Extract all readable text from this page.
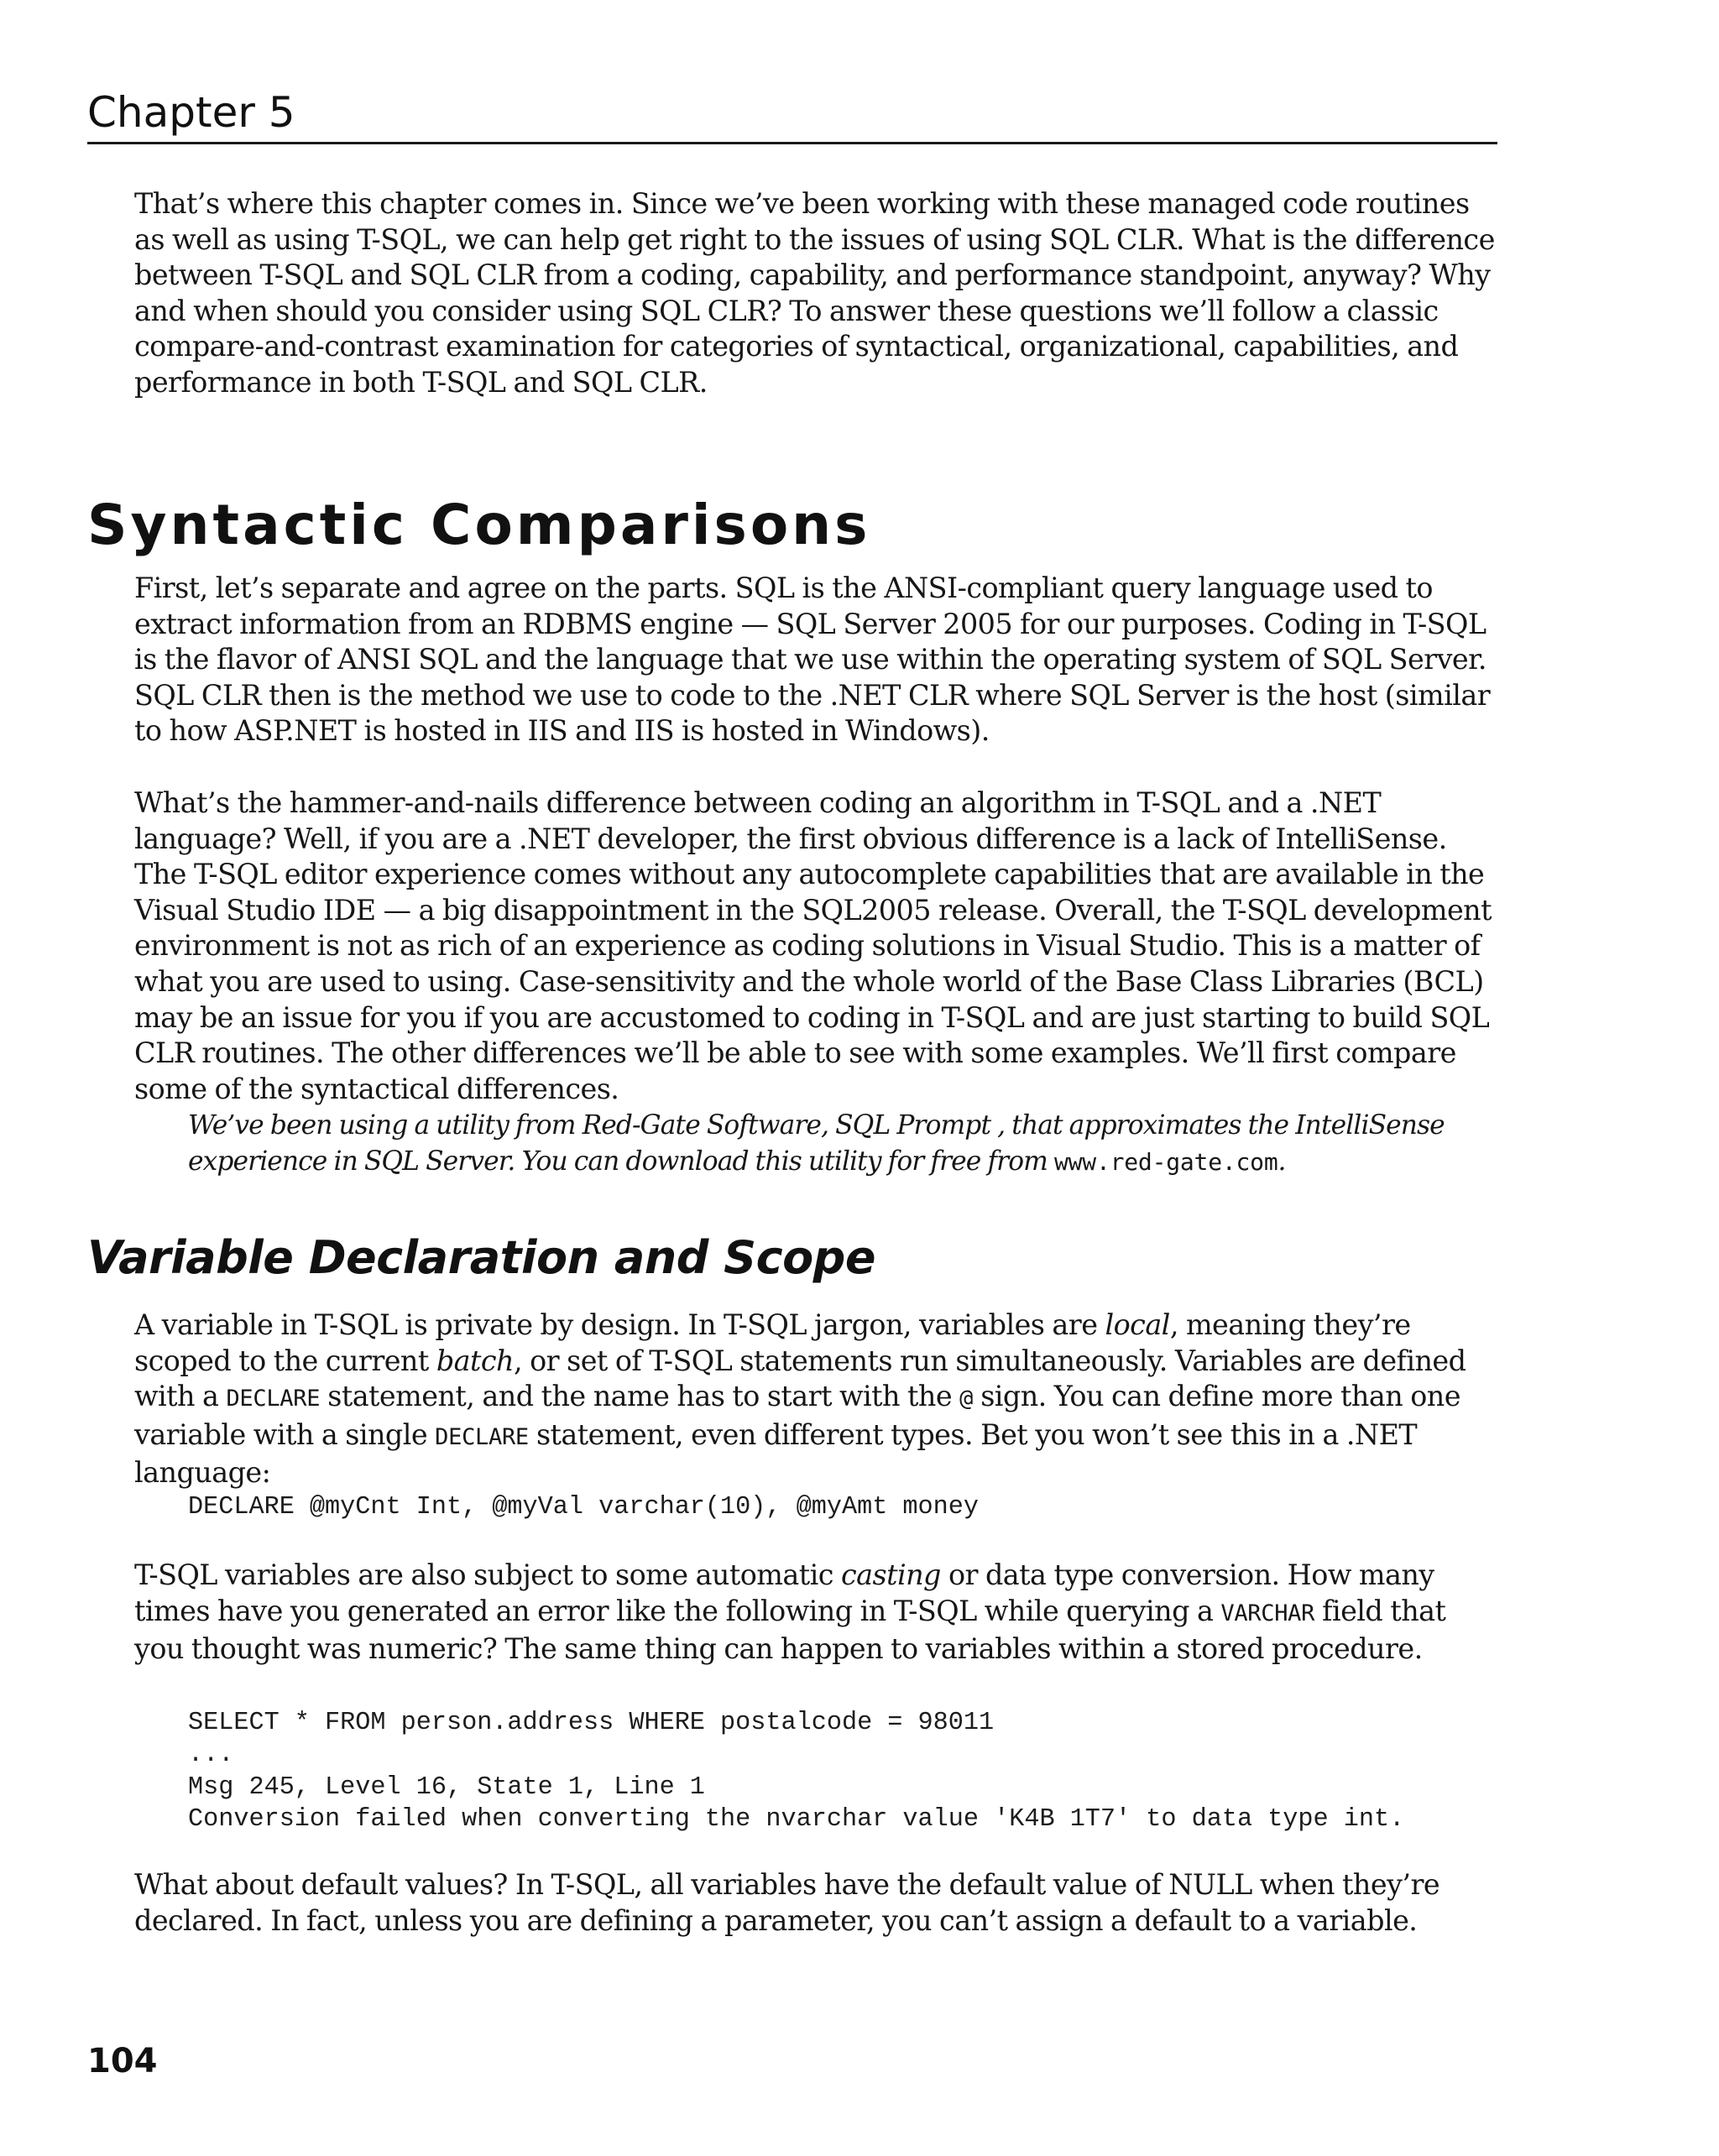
Chapter 5

That’s where this chapter comes in. Since we’ve been working with these managed code routines as well as using T-SQL, we can help get right to the issues of using SQL CLR. What is the difference between T-SQL and SQL CLR from a coding, capability, and performance standpoint, anyway? Why and when should you consider using SQL CLR? To answer these questions we’ll follow a classic compare-and-contrast examination for categories of syntactical, organizational, capabilities, and performance in both T-SQL and SQL CLR.

Syntactic Comparisons

First, let’s separate and agree on the parts. SQL is the ANSI-compliant query language used to extract information from an RDBMS engine — SQL Server 2005 for our purposes. Coding in T-SQL is the flavor of ANSI SQL and the language that we use within the operating system of SQL Server. SQL CLR then is the method we use to code to the .NET CLR where SQL Server is the host (similar to how ASP.NET is hosted in IIS and IIS is hosted in Windows).

What’s the hammer-and-nails difference between coding an algorithm in T-SQL and a .NET language? Well, if you are a .NET developer, the first obvious difference is a lack of IntelliSense. The T-SQL editor experience comes without any autocomplete capabilities that are available in the Visual Studio IDE — a big disappointment in the SQL2005 release. Overall, the T-SQL development environment is not as rich of an experience as coding solutions in Visual Studio. This is a matter of what you are used to using. Case-sensitivity and the whole world of the Base Class Libraries (BCL) may be an issue for you if you are accustomed to coding in T-SQL and are just starting to build SQL CLR routines. The other differences we’ll be able to see with some examples. We’ll first compare some of the syntactical differences.

We’ve been using a utility from Red-Gate Software, SQL Prompt , that approximates the IntelliSense experience in SQL Server. You can download this utility for free from www.red-gate.com.

Variable Declaration and Scope

A variable in T-SQL is private by design. In T-SQL jargon, variables are local, meaning they’re scoped to the current batch, or set of T-SQL statements run simultaneously. Variables are defined with a DECLARE statement, and the name has to start with the @ sign. You can define more than one variable with a single DECLARE statement, even different types. Bet you won’t see this in a .NET language:

DECLARE @myCnt Int, @myVal varchar(10), @myAmt money

T-SQL variables are also subject to some automatic casting or data type conversion. How many times have you generated an error like the following in T-SQL while querying a VARCHAR field that you thought was numeric? The same thing can happen to variables within a stored procedure.

SELECT * FROM person.address WHERE postalcode = 98011
...
Msg 245, Level 16, State 1, Line 1
Conversion failed when converting the nvarchar value 'K4B 1T7' to data type int.

What about default values? In T-SQL, all variables have the default value of NULL when they’re declared. In fact, unless you are defining a parameter, you can’t assign a default to a variable.

104
